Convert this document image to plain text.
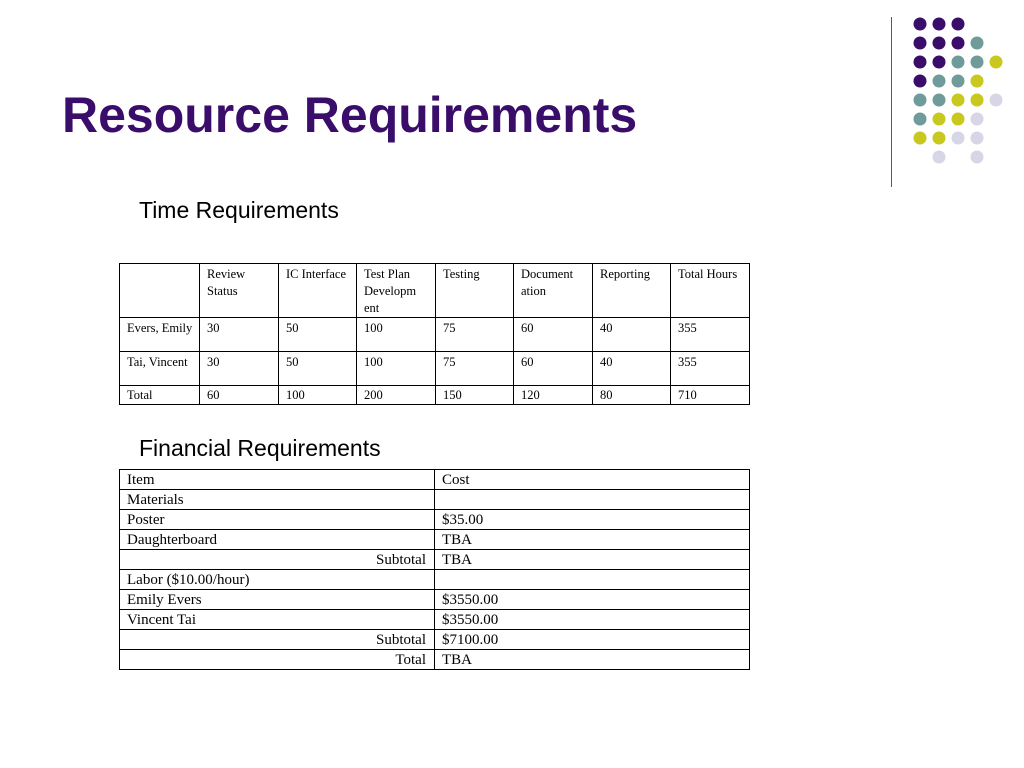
Resource Requirements
Time Requirements
	Review Status	IC Interface	Test Plan Developm ent	Testing	Document ation	Reporting	Total Hours
Evers, Emily	30	50	100	75	60	40	355
Tai, Vincent	30	50	100	75	60	40	355
Total	60	100	200	150	120	80	710
Financial Requirements
Item	Cost
Materials	
Poster	$35.00
Daughterboard	TBA
Subtotal	TBA
Labor ($10.00/hour)	
Emily Evers	$3550.00
Vincent Tai	$3550.00
Subtotal	$7100.00
Total	TBA
